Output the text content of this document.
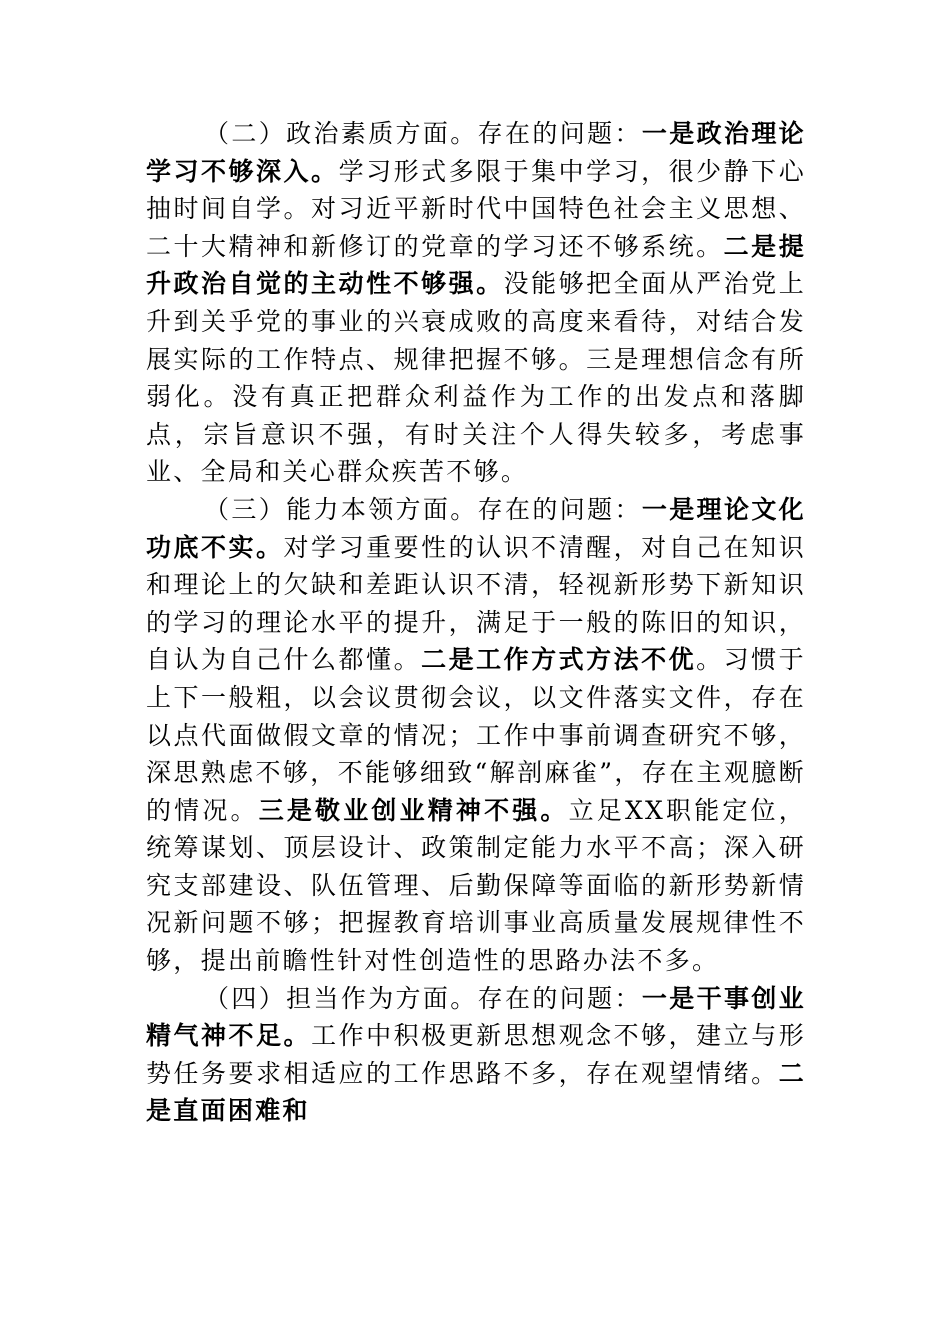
（二）政治素质方面。存在的问题：一是政治理论学习不够深入。学习形式多限于集中学习，很少静下心抽时间自学。对习近平新时代中国特色社会主义思想、二十大精神和新修订的党章的学习还不够系统。二是提升政治自觉的主动性不够强。没能够把全面从严治党上升到关乎党的事业的兴衰成败的高度来看待，对结合发展实际的工作特点、规律把握不够。三是理想信念有所弱化。没有真正把群众利益作为工作的出发点和落脚点，宗旨意识不强，有时关注个人得失较多，考虑事业、全局和关心群众疾苦不够。

（三）能力本领方面。存在的问题：一是理论文化功底不实。对学习重要性的认识不清醒，对自己在知识和理论上的欠缺和差距认识不清，轻视新形势下新知识的学习的理论水平的提升，满足于一般的陈旧的知识，自认为自己什么都懂。二是工作方式方法不优。习惯于上下一般粗，以会议贯彻会议，以文件落实文件，存在以点代面做假文章的情况；工作中事前调查研究不够，深思熟虑不够，不能够细致“解剖麻雀”，存在主观臆断的情况。三是敬业创业精神不强。立足XX职能定位，统筹谋划、顶层设计、政策制定能力水平不高；深入研究支部建设、队伍管理、后勤保障等面临的新形势新情况新问题不够；把握教育培训事业高质量发展规律性不够，提出前瞻性针对性创造性的思路办法不多。

（四）担当作为方面。存在的问题：一是干事创业精气神不足。工作中积极更新思想观念不够，建立与形势任务要求相适应的工作思路不多，存在观望情绪。二是直面困难和
